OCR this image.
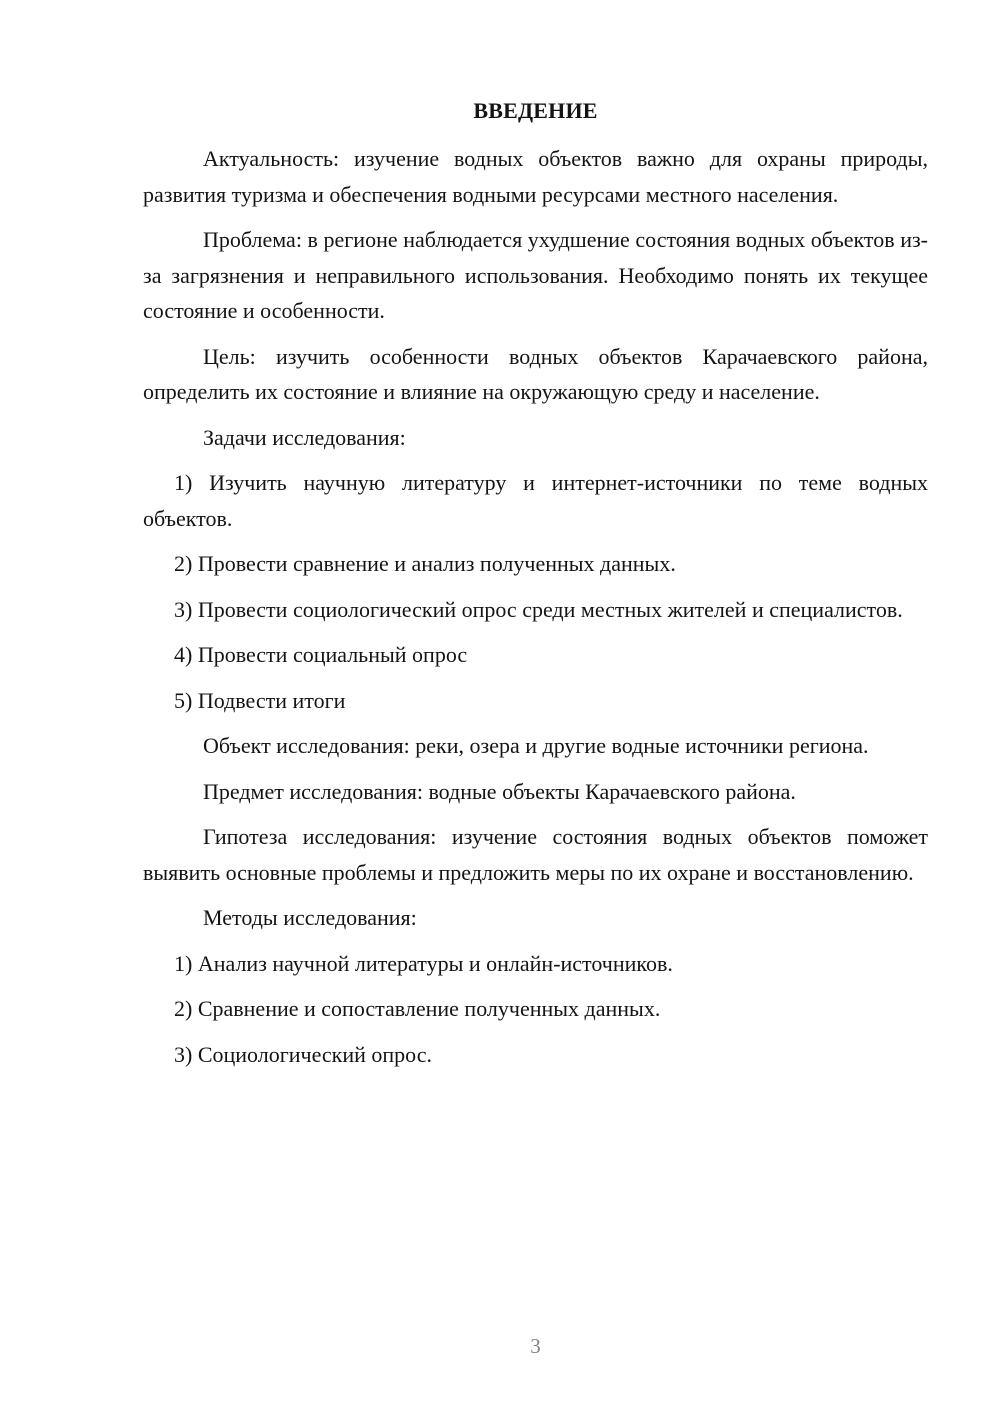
ВВЕДЕНИЕ

Актуальность: изучение водных объектов важно для охраны природы, развития туризма и обеспечения водными ресурсами местного населения.

Проблема: в регионе наблюдается ухудшение состояния водных объектов из-за загрязнения и неправильного использования. Необходимо понять их текущее состояние и особенности.

Цель: изучить особенности водных объектов Карачаевского района, определить их состояние и влияние на окружающую среду и население.

Задачи исследования:

1) Изучить научную литературу и интернет-источники по теме водных объектов.

2) Провести сравнение и анализ полученных данных.

3) Провести социологический опрос среди местных жителей и специалистов.

4) Провести социальный опрос

5) Подвести итоги

Объект исследования: реки, озера и другие водные источники региона.

Предмет исследования: водные объекты Карачаевского района.

Гипотеза исследования: изучение состояния водных объектов поможет выявить основные проблемы и предложить меры по их охране и восстановлению.

Методы исследования:

1) Анализ научной литературы и онлайн-источников.

2) Сравнение и сопоставление полученных данных.

3) Социологический опрос.

3
